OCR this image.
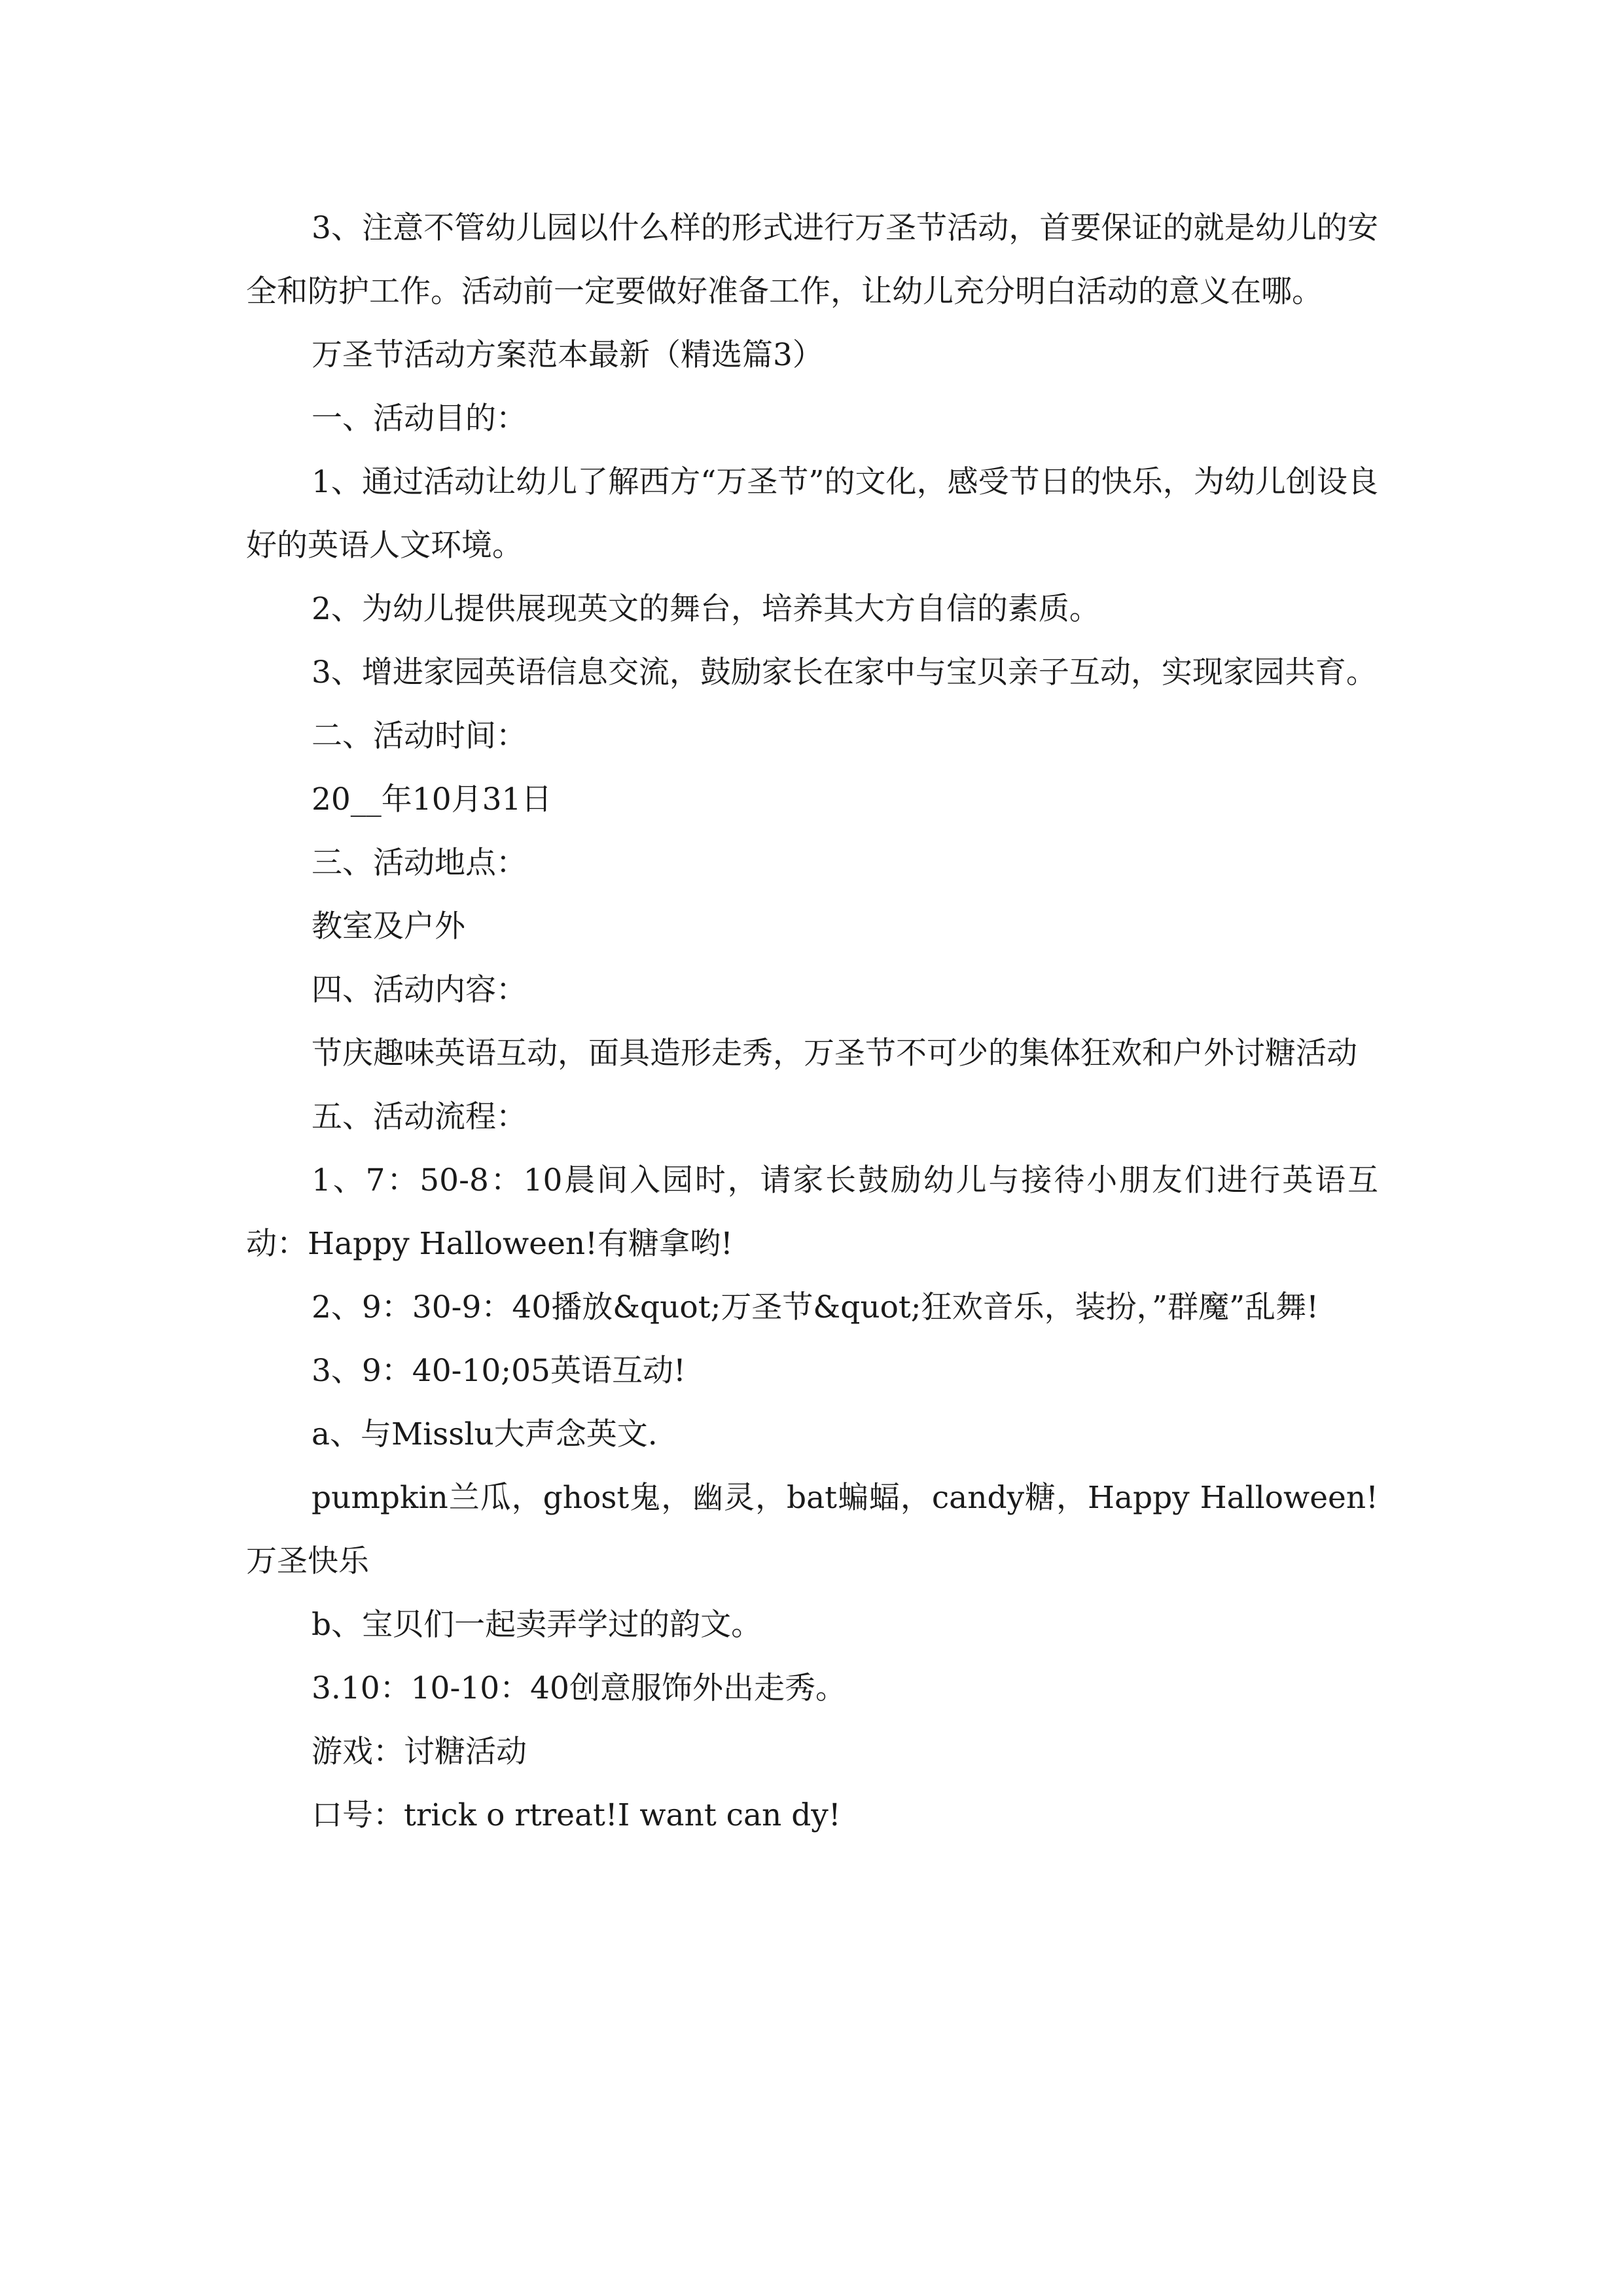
3、注意不管幼儿园以什么样的形式进行万圣节活动，首要保证的就是幼儿的安全和防护工作。活动前一定要做好准备工作，让幼儿充分明白活动的意义在哪。

万圣节活动方案范本最新（精选篇3）

一、活动目的：

1、通过活动让幼儿了解西方“万圣节”的文化，感受节日的快乐，为幼儿创设良好的英语人文环境。

2、为幼儿提供展现英文的舞台，培养其大方自信的素质。

3、增进家园英语信息交流，鼓励家长在家中与宝贝亲子互动，实现家园共育。

二、活动时间：

20__年10月31日

三、活动地点：

教室及户外

四、活动内容：

节庆趣味英语互动，面具造形走秀，万圣节不可少的集体狂欢和户外讨糖活动

五、活动流程：

1、7：50-8：10晨间入园时，请家长鼓励幼儿与接待小朋友们进行英语互动：Happy Halloween!有糖拿哟!

2、9：30-9：40播放&quot;万圣节&quot;狂欢音乐，装扮，”群魔”乱舞!

3、9：40-10;05英语互动!

a、与Misslu大声念英文.

pumpkin兰瓜，ghost鬼，幽灵，bat蝙蝠，candy糖，Happy Halloween!万圣快乐

b、宝贝们一起卖弄学过的韵文。

3.10：10-10：40创意服饰外出走秀。

游戏：讨糖活动

口号：trick o rtreat!I want can dy!
